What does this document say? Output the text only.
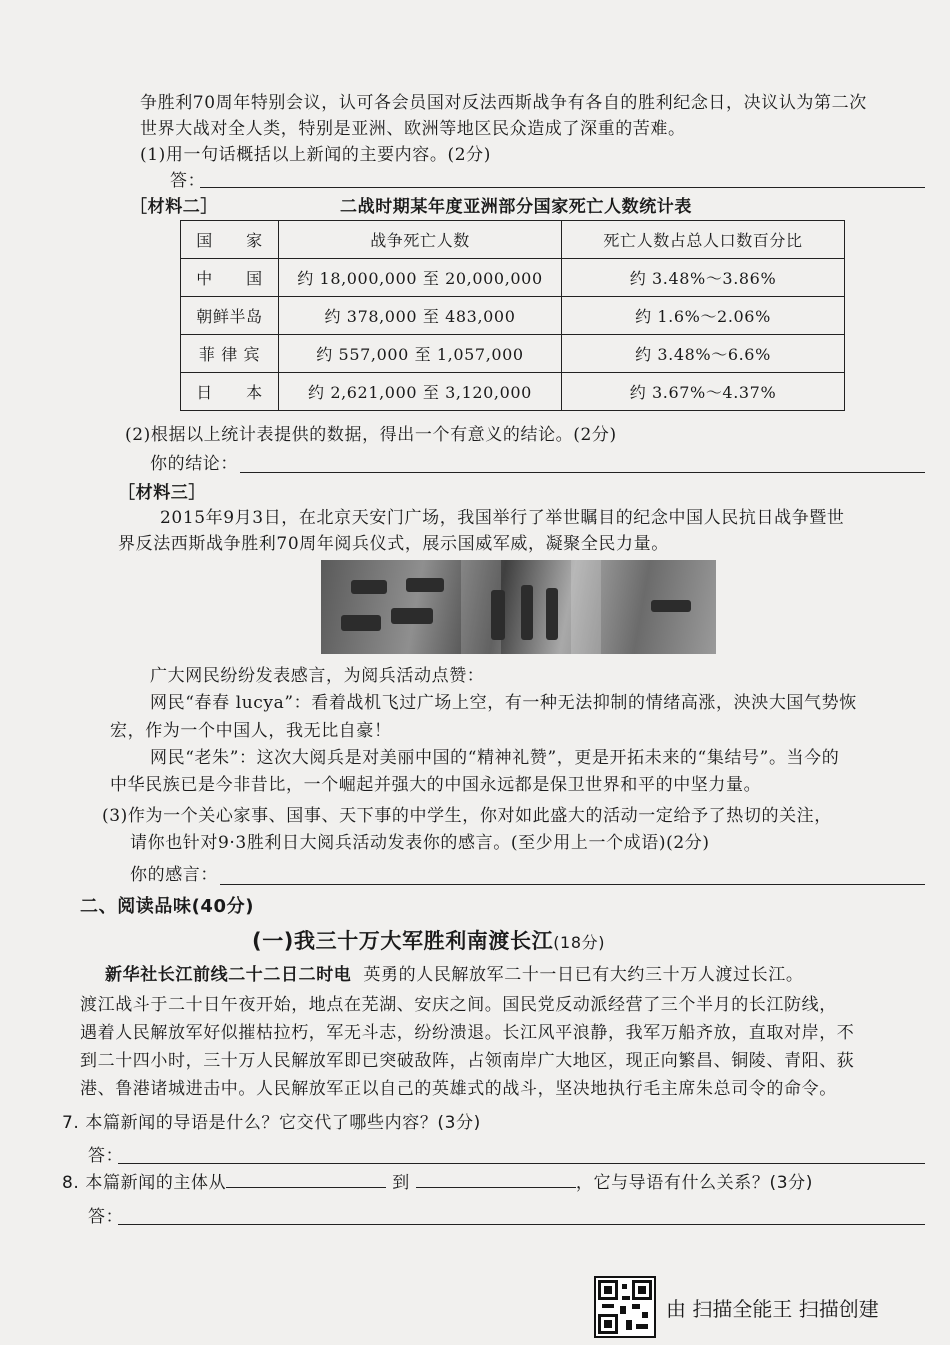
争胜利70周年特别会议，认可各会员国对反法西斯战争有各自的胜利纪念日，决议认为第二次
世界大战对全人类，特别是亚洲、欧洲等地区民众造成了深重的苦难。
(1)用一句话概括以上新闻的主要内容。(2分)
答：
［材料二］	二战时期某年度亚洲部分国家死亡人数统计表
国　　家	战争死亡人数	死亡人数占总人口数百分比
中　　国	约 18,000,000 至 20,000,000	约 3.48%～3.86%
朝鲜半岛	约 378,000 至 483,000	约 1.6%～2.06%
菲 律 宾	约 557,000 至 1,057,000	约 3.48%～6.6%
日　　本	约 2,621,000 至 3,120,000	约 3.67%～4.37%
(2)根据以上统计表提供的数据，得出一个有意义的结论。(2分)
你的结论：
［材料三］
2015年9月3日，在北京天安门广场，我国举行了举世瞩目的纪念中国人民抗日战争暨世
界反法西斯战争胜利70周年阅兵仪式，展示国威军威，凝聚全民力量。
广大网民纷纷发表感言，为阅兵活动点赞：
网民“春春 lucya”：看着战机飞过广场上空，有一种无法抑制的情绪高涨，泱泱大国气势恢
宏，作为一个中国人，我无比自豪！
网民“老朱”：这次大阅兵是对美丽中国的“精神礼赞”，更是开拓未来的“集结号”。当今的
中华民族已是今非昔比，一个崛起并强大的中国永远都是保卫世界和平的中坚力量。
(3)作为一个关心家事、国事、天下事的中学生，你对如此盛大的活动一定给予了热切的关注，
请你也针对9·3胜利日大阅兵活动发表你的感言。(至少用上一个成语)(2分)
你的感言：
二、阅读品味(40分)
(一)我三十万大军胜利南渡长江(18分)
新华社长江前线二十二日二时电 英勇的人民解放军二十一日已有大约三十万人渡过长江。
渡江战斗于二十日午夜开始，地点在芜湖、安庆之间。国民党反动派经营了三个半月的长江防线，
遇着人民解放军好似摧枯拉朽，军无斗志，纷纷溃退。长江风平浪静，我军万船齐放，直取对岸，不
到二十四小时，三十万人民解放军即已突破敌阵，占领南岸广大地区，现正向繁昌、铜陵、青阳、荻
港、鲁港诸城进击中。人民解放军正以自己的英雄式的战斗，坚决地执行毛主席朱总司令的命令。
7. 本篇新闻的导语是什么？它交代了哪些内容？(3分)
答：
8. 本篇新闻的主体从	到	，它与导语有什么关系？(3分)
答：
由 扫描全能王 扫描创建
